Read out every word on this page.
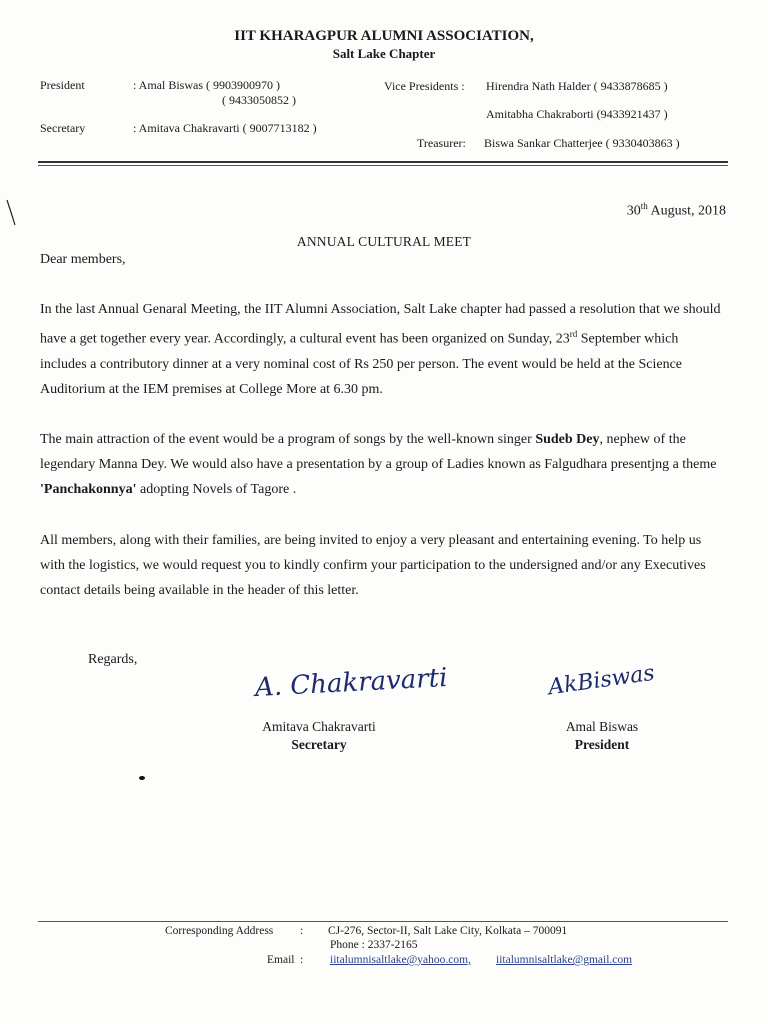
IIT KHARAGPUR ALUMNI ASSOCIATION,
Salt Lake Chapter
President	: Amal Biswas ( 9903900970 )
( 9433050852 )
Secretary	: Amitava Chakravarti ( 9007713182 )
Vice Presidents : Hirendra Nath Halder ( 9433878685 )
Amitabha Chakraborti (9433921437 )
Treasurer: Biswa Sankar Chatterjee ( 9330403863 )
30th August, 2018
ANNUAL CULTURAL MEET
Dear members,

In the last Annual Genaral Meeting, the IIT Alumni Association, Salt Lake chapter had passed a resolution that we should have a get together every year. Accordingly, a cultural event has been organized on Sunday, 23rd September which includes a contributory dinner at a very nominal cost of Rs 250 per person. The event would be held at the Science Auditorium at the IEM premises at College More at 6.30 pm.

The main attraction of the event would be a program of songs by the well-known singer Sudeb Dey, nephew of the legendary Manna Dey. We would also have a presentation by a group of Ladies known as Falgudhara presentjng a theme 'Panchakonnya' adopting Novels of Tagore .

All members, along with their families, are being invited to enjoy a very pleasant and entertaining evening. To help us with the logistics, we would request you to kindly confirm your participation to the undersigned and/or any Executives contact details being available in the header of this letter.

Regards,
A. Chakravarti
Amitava Chakravarti
Secretary
AkBiswas
Amal Biswas
President
Corresponding Address : CJ-276, Sector-II, Salt Lake City, Kolkata – 700091
Phone : 2337-2165
Email : iitalumnisaltlake@yahoo.com, iitalumnisaltlake@gmail.com
